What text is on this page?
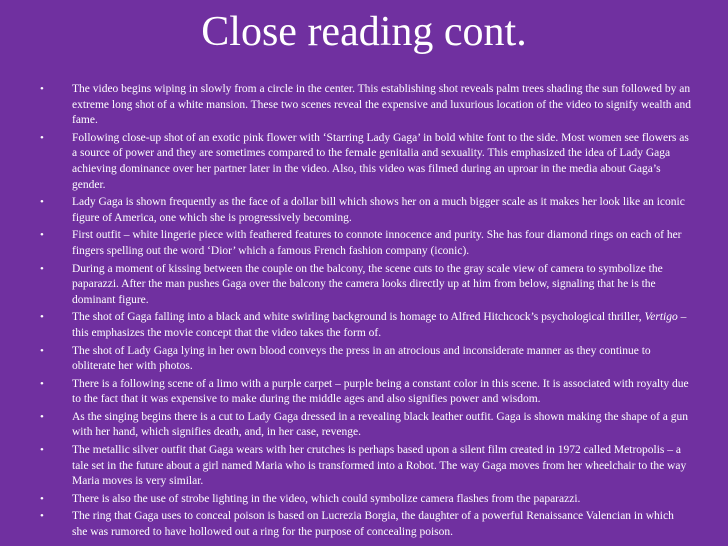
Close reading cont.
• The video begins wiping in slowly from a circle in the center. This establishing shot reveals palm trees shading the sun followed by an extreme long shot of a white mansion. These two scenes reveal the expensive and luxurious location of the video to signify wealth and fame.
• Following close-up shot of an exotic pink flower with ‘Starring Lady Gaga’ in bold white font to the side. Most women see flowers as a source of power and they are sometimes compared to the female genitalia and sexuality. This emphasized the idea of Lady Gaga achieving dominance over her partner later in the video. Also, this video was filmed during an uproar in the media about Gaga’s gender.
• Lady Gaga is shown frequently as the face of a dollar bill which shows her on a much bigger scale as it makes her look like an iconic figure of America, one which she is progressively becoming.
• First outfit – white lingerie piece with feathered features to connote innocence and purity. She has four diamond rings on each of her fingers spelling out the word ‘Dior’ which a famous French fashion company (iconic).
• During a moment of kissing between the couple on the balcony, the scene cuts to the gray scale view of camera to symbolize the paparazzi. After the man pushes Gaga over the balcony the camera looks directly up at him from below, signaling that he is the dominant figure.
• The shot of Gaga falling into a black and white swirling background is homage to Alfred Hitchcock’s psychological thriller, Vertigo – this emphasizes the movie concept that the video takes the form of.
• The shot of Lady Gaga lying in her own blood conveys the press in an atrocious and inconsiderate manner as they continue to obliterate her with photos.
• There is a following scene of a limo with a purple carpet – purple being a constant color in this scene. It is associated with royalty due to the fact that it was expensive to make during the middle ages and also signifies power and wisdom.
• As the singing begins there is a cut to Lady Gaga dressed in a revealing black leather outfit. Gaga is shown making the shape of a gun with her hand, which signifies death, and, in her case, revenge.
• The metallic silver outfit that Gaga wears with her crutches is perhaps based upon a silent film created in 1972 called Metropolis – a tale set in the future about a girl named Maria who is transformed into a Robot. The way Gaga moves from her wheelchair to the way Maria moves is very similar.
• There is also the use of strobe lighting in the video, which could symbolize camera flashes from the paparazzi.
• The ring that Gaga uses to conceal poison is based on Lucrezia Borgia, the daughter of a powerful Renaissance Valencian in which she was rumored to have hollowed out a ring for the purpose of concealing poison.
